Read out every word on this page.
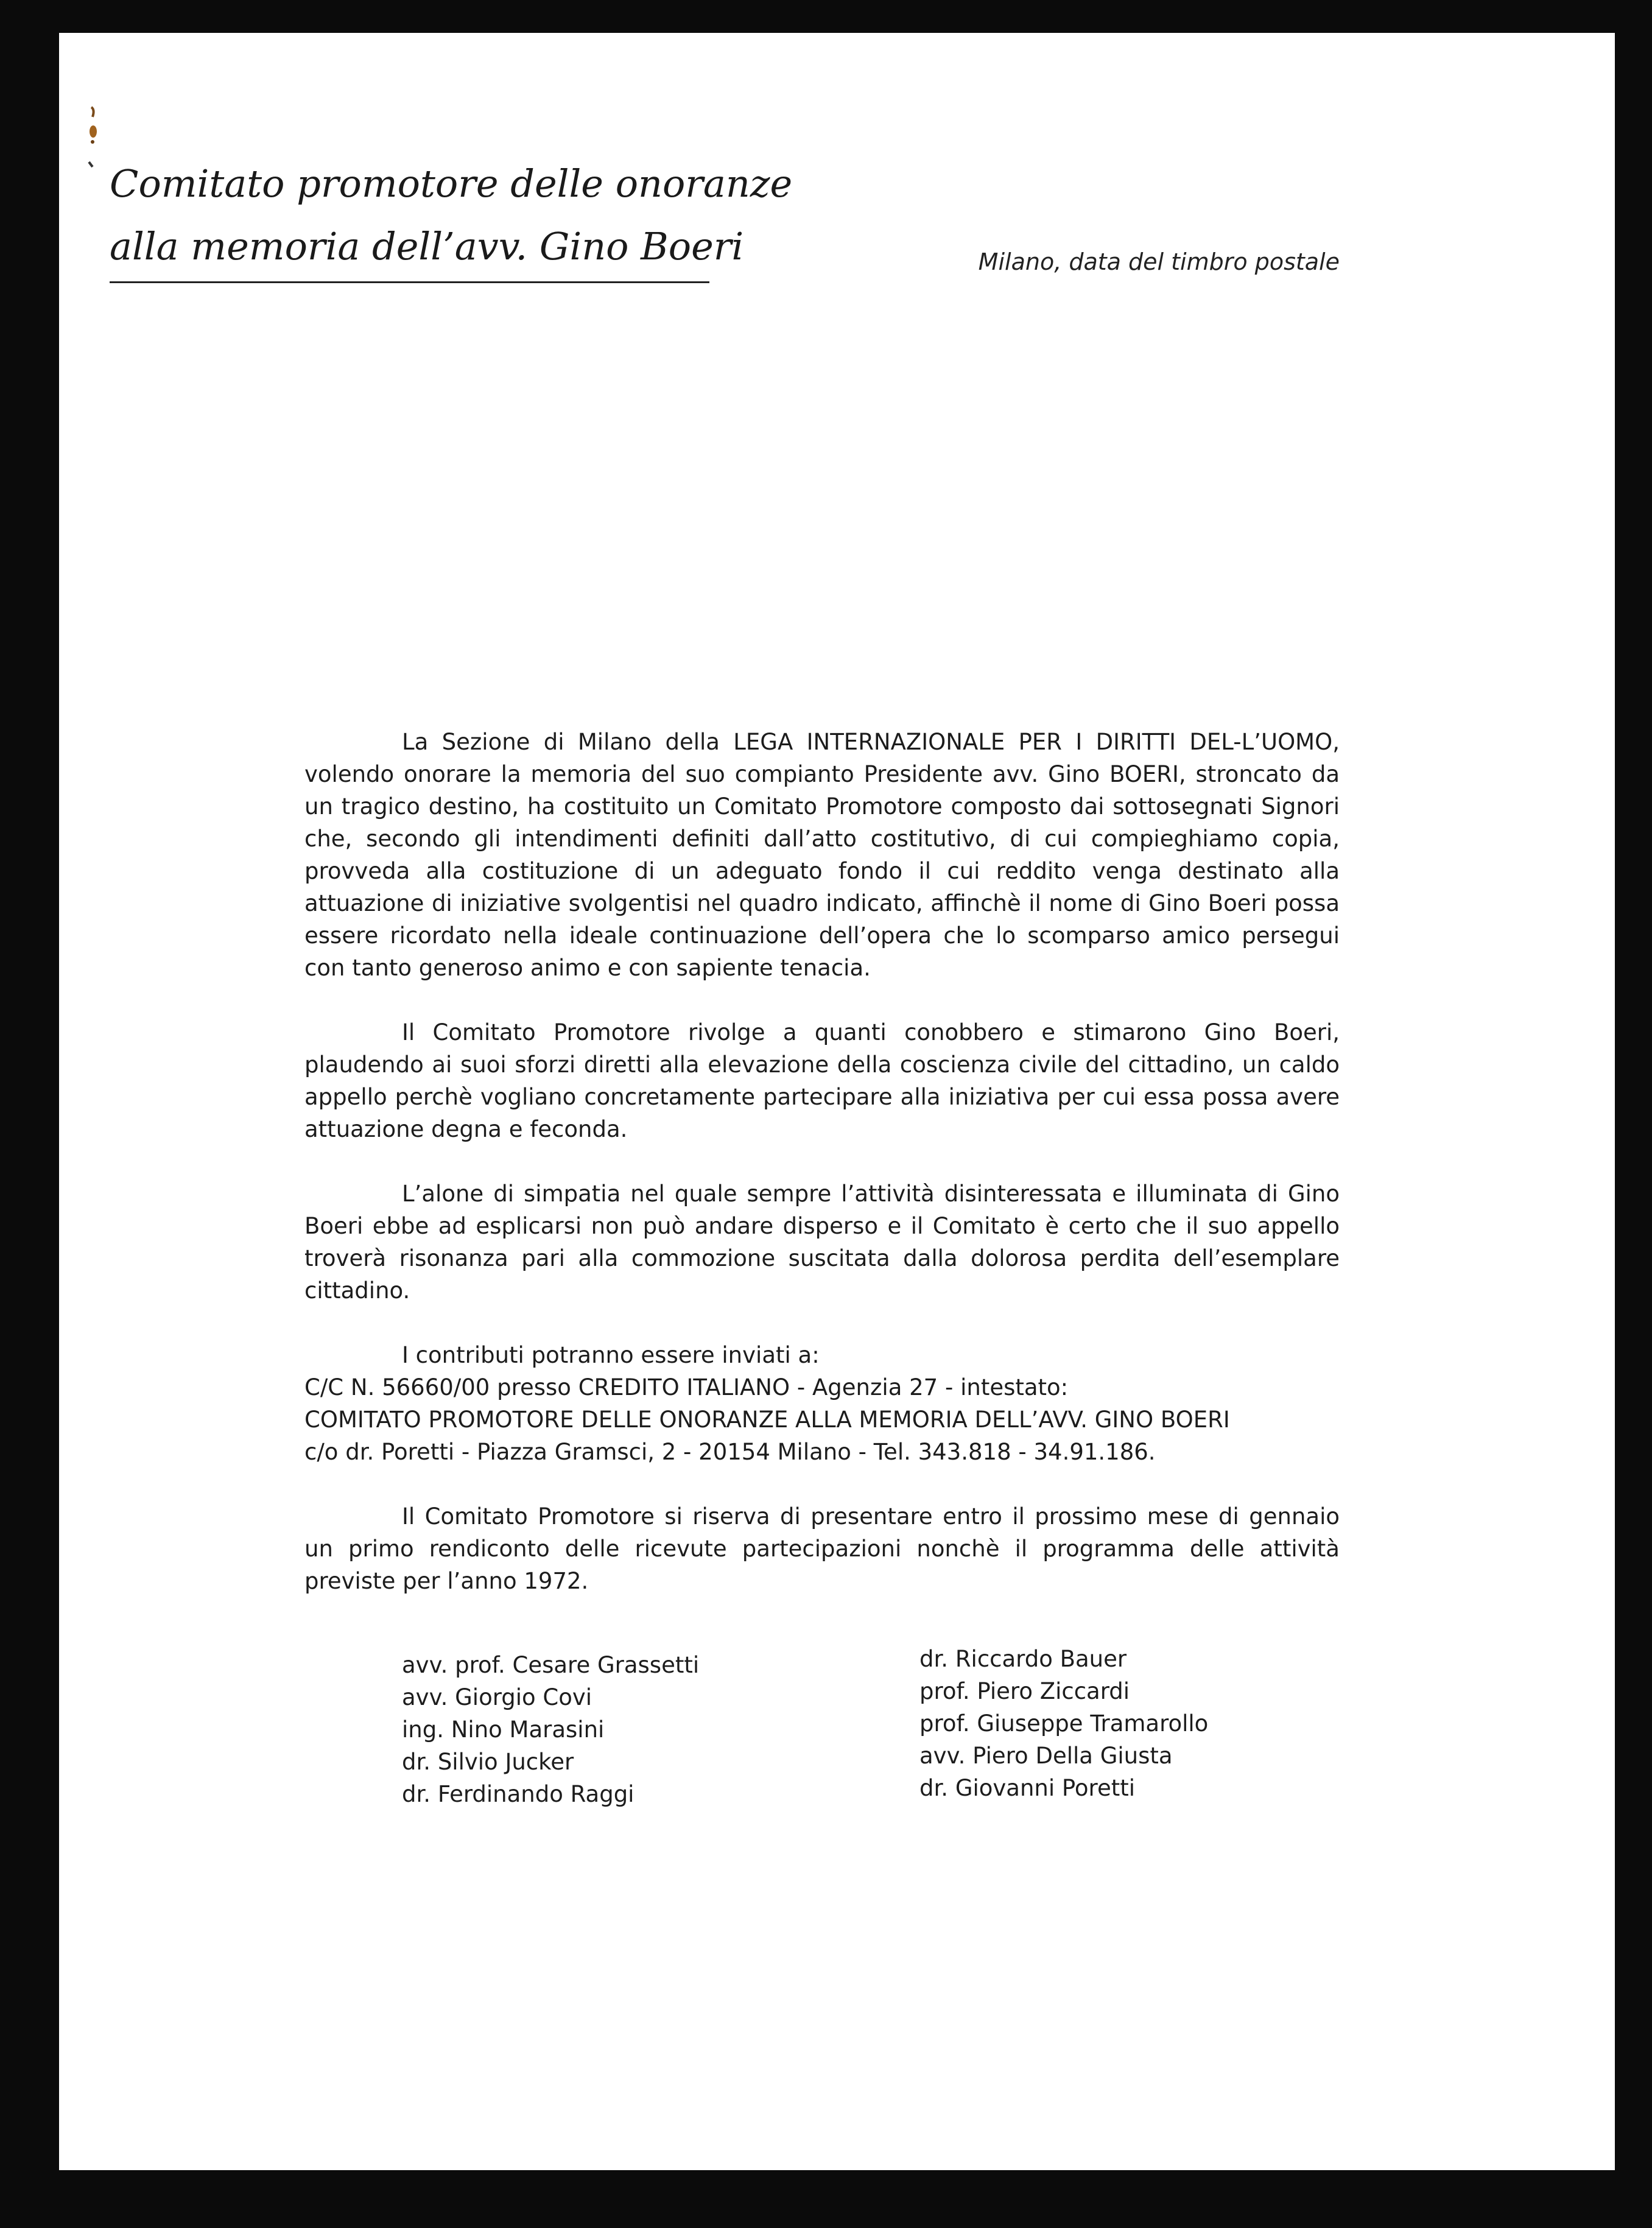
Comitato promotore delle onoranze
alla memoria dell’avv. Gino Boeri	Milano, data del timbro postale

La Sezione di Milano della LEGA INTERNAZIONALE PER I DIRITTI DEL-L’UOMO, volendo onorare la memoria del suo compianto Presidente avv. Gino BOERI, stroncato da un tragico destino, ha costituito un Comitato Promotore composto dai sottosegnati Signori che, secondo gli intendimenti definiti dall’atto costitutivo, di cui compieghiamo copia, provveda alla costituzione di un adeguato fondo il cui reddito venga destinato alla attuazione di iniziative svolgentisi nel quadro indicato, affinchè il nome di Gino Boeri possa essere ricordato nella ideale continuazione dell’opera che lo scomparso amico persegui con tanto generoso animo e con sapiente tenacia.

Il Comitato Promotore rivolge a quanti conobbero e stimarono Gino Boeri, plaudendo ai suoi sforzi diretti alla elevazione della coscienza civile del cittadino, un caldo appello perchè vogliano concretamente partecipare alla iniziativa per cui essa possa avere attuazione degna e feconda.

L’alone di simpatia nel quale sempre l’attività disinteressata e illuminata di Gino Boeri ebbe ad esplicarsi non può andare disperso e il Comitato è certo che il suo appello troverà risonanza pari alla commozione suscitata dalla dolorosa perdita dell’esemplare cittadino.

I contributi potranno essere inviati a:

C/C N. 56660/00 presso CREDITO ITALIANO - Agenzia 27 - intestato:

COMITATO PROMOTORE DELLE ONORANZE ALLA MEMORIA DELL’AVV. GINO BOERI

c/o dr. Poretti - Piazza Gramsci, 2 - 20154 Milano - Tel. 343.818 - 34.91.186.

Il Comitato Promotore si riserva di presentare entro il prossimo mese di gennaio un primo rendiconto delle ricevute partecipazioni nonchè il programma delle attività previste per l’anno 1972.

avv. prof. Cesare Grassetti
avv. Giorgio Covi
ing. Nino Marasini
dr. Silvio Jucker
dr. Ferdinando Raggi
dr. Riccardo Bauer
prof. Piero Ziccardi
prof. Giuseppe Tramarollo
avv. Piero Della Giusta
dr. Giovanni Poretti
